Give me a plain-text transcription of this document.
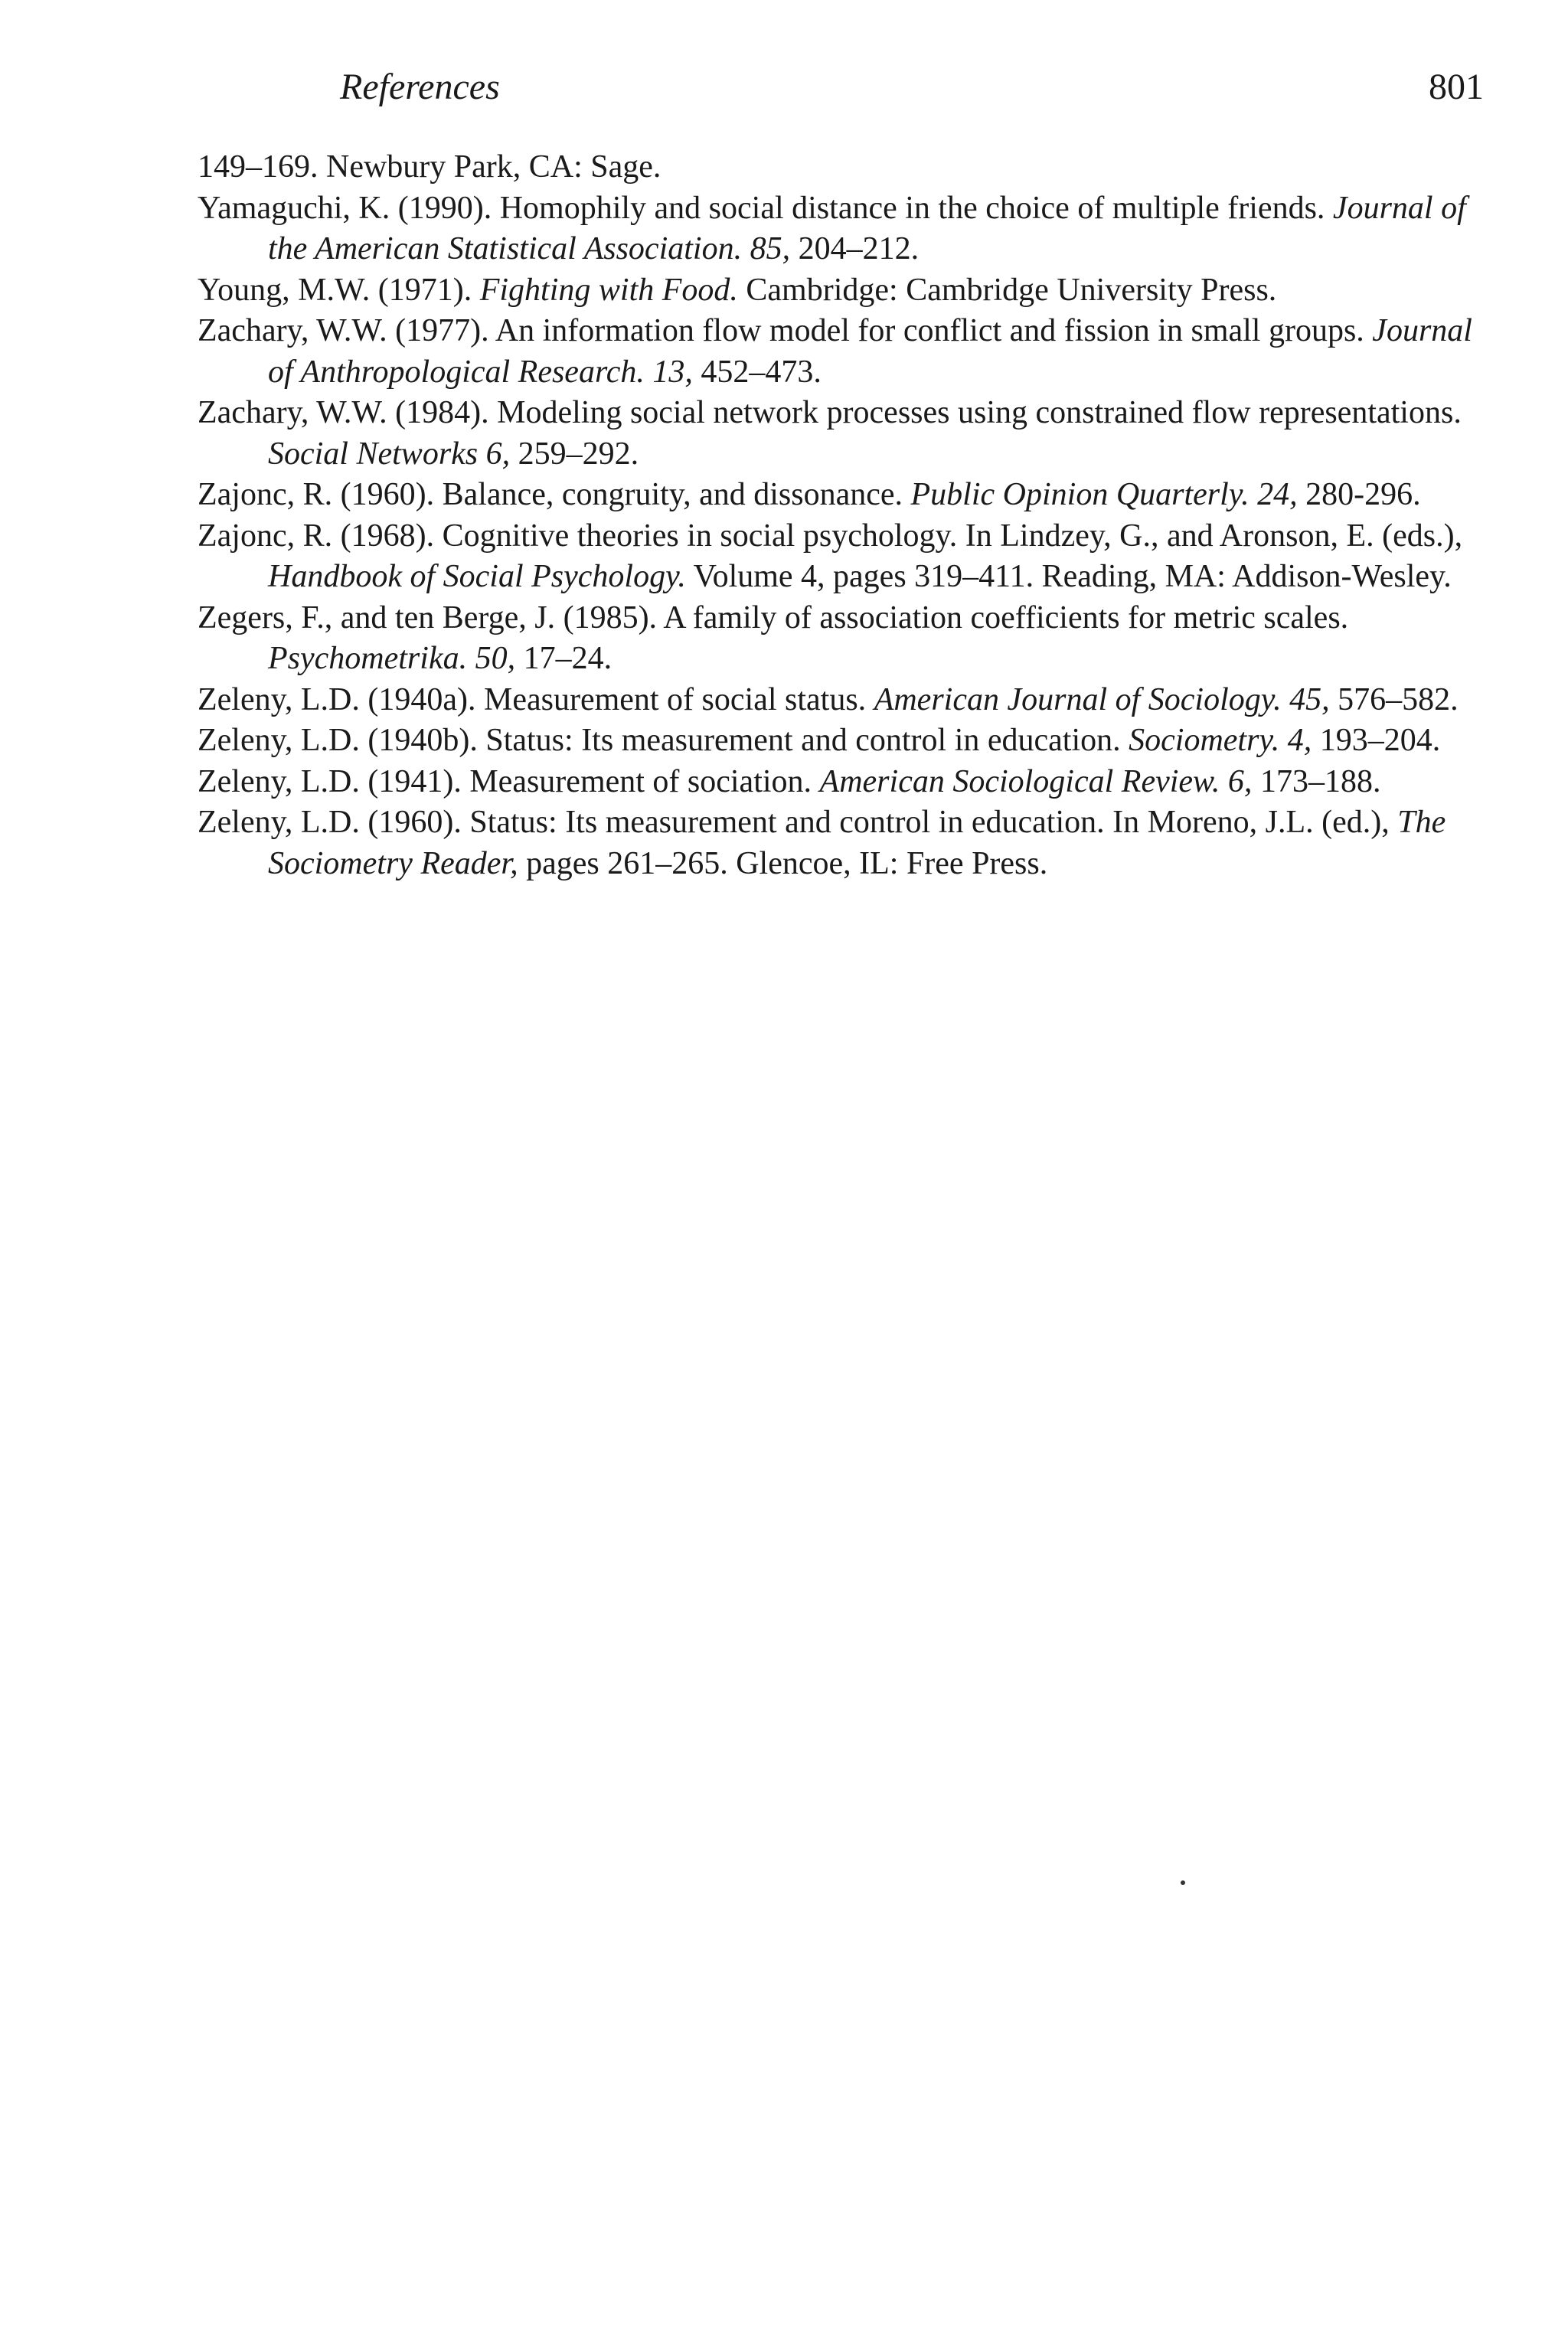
References	801

149–169. Newbury Park, CA: Sage.

Yamaguchi, K. (1990). Homophily and social distance in the choice of multiple friends. Journal of the American Statistical Association. 85, 204–212.

Young, M.W. (1971). Fighting with Food. Cambridge: Cambridge University Press.

Zachary, W.W. (1977). An information flow model for conflict and fission in small groups. Journal of Anthropological Research. 13, 452–473.

Zachary, W.W. (1984). Modeling social network processes using constrained flow representations. Social Networks 6, 259–292.

Zajonc, R. (1960). Balance, congruity, and dissonance. Public Opinion Quarterly. 24, 280-296.

Zajonc, R. (1968). Cognitive theories in social psychology. In Lindzey, G., and Aronson, E. (eds.), Handbook of Social Psychology. Volume 4, pages 319–411. Reading, MA: Addison-Wesley.

Zegers, F., and ten Berge, J. (1985). A family of association coefficients for metric scales. Psychometrika. 50, 17–24.

Zeleny, L.D. (1940a). Measurement of social status. American Journal of Sociology. 45, 576–582.

Zeleny, L.D. (1940b). Status: Its measurement and control in education. Sociometry. 4, 193–204.

Zeleny, L.D. (1941). Measurement of sociation. American Sociological Review. 6, 173–188.

Zeleny, L.D. (1960). Status: Its measurement and control in education. In Moreno, J.L. (ed.), The Sociometry Reader, pages 261–265. Glencoe, IL: Free Press.
